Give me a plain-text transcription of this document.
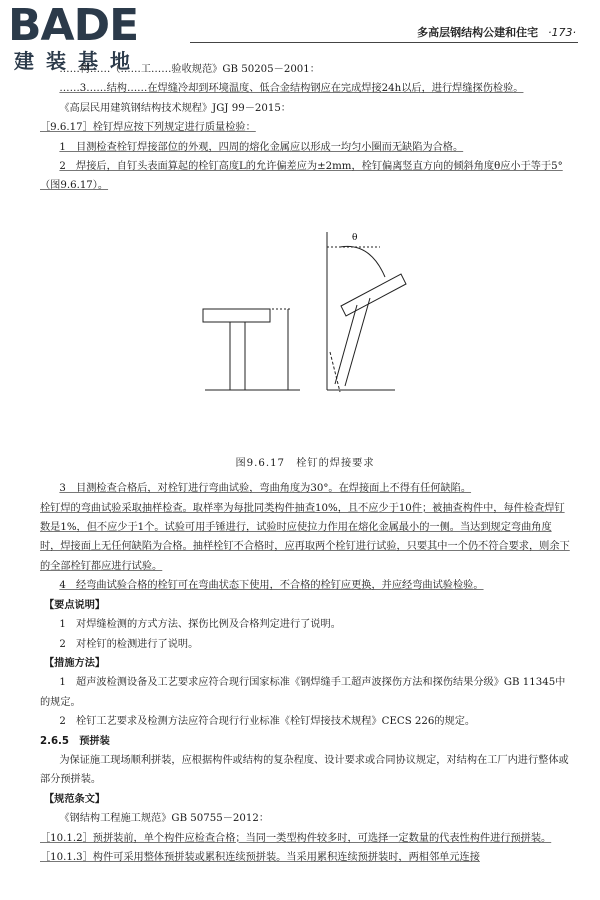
BADE
建装基地
多高层钢结构公建和住宅 ·173·

……构……（……工……验收规范》GB 50205－2001：

……3……结构……在焊缝冷却到环境温度、低合金结构钢应在完成焊接24h以后，进行焊缝探伤检验。

《高层民用建筑钢结构技术规程》JGJ 99－2015：

［9.6.17］栓钉焊应按下列规定进行质量检验：

1　目测检查栓钉焊接部位的外观，四周的熔化金属应以形成一均匀小圈而无缺陷为合格。

2　焊接后，自钉头表面算起的栓钉高度L的允许偏差应为±2mm，栓钉偏离竖直方向的倾斜角度θ应小于等于5°（图9.6.17）。

θ

图9.6.17　栓钉的焊接要求

3　目测检查合格后，对栓钉进行弯曲试验，弯曲角度为30°。在焊接面上不得有任何缺陷。

栓钉焊的弯曲试验采取抽样检查。取样率为每批同类构件抽查10%，且不应少于10件；被抽查构件中，每件检查焊钉数是1%，但不应少于1个。试验可用手锤进行，试验时应使拉力作用在熔化金属最小的一侧。当达到规定弯曲角度时，焊接面上无任何缺陷为合格。抽样栓钉不合格时，应再取两个栓钉进行试验，只要其中一个仍不符合要求，则余下的全部栓钉都应进行试验。

4　经弯曲试验合格的栓钉可在弯曲状态下使用，不合格的栓钉应更换，并应经弯曲试验检验。

【要点说明】

1　对焊缝检测的方式方法、探伤比例及合格判定进行了说明。

2　对栓钉的检测进行了说明。

【措施方法】

1　超声波检测设备及工艺要求应符合现行国家标准《钢焊缝手工超声波探伤方法和探伤结果分级》GB 11345中的规定。

2　栓钉工艺要求及检测方法应符合现行行业标准《栓钉焊接技术规程》CECS 226的规定。

2.6.5　预拼装

为保证施工现场顺利拼装，应根据构件或结构的复杂程度、设计要求或合同协议规定，对结构在工厂内进行整体或部分预拼装。

【规范条文】

《钢结构工程施工规范》GB 50755－2012：

［10.1.2］预拼装前，单个构件应检查合格；当同一类型构件较多时，可选择一定数量的代表性构件进行预拼装。

［10.1.3］构件可采用整体预拼装或累积连续预拼装。当采用累积连续预拼装时，两相邻单元连接
